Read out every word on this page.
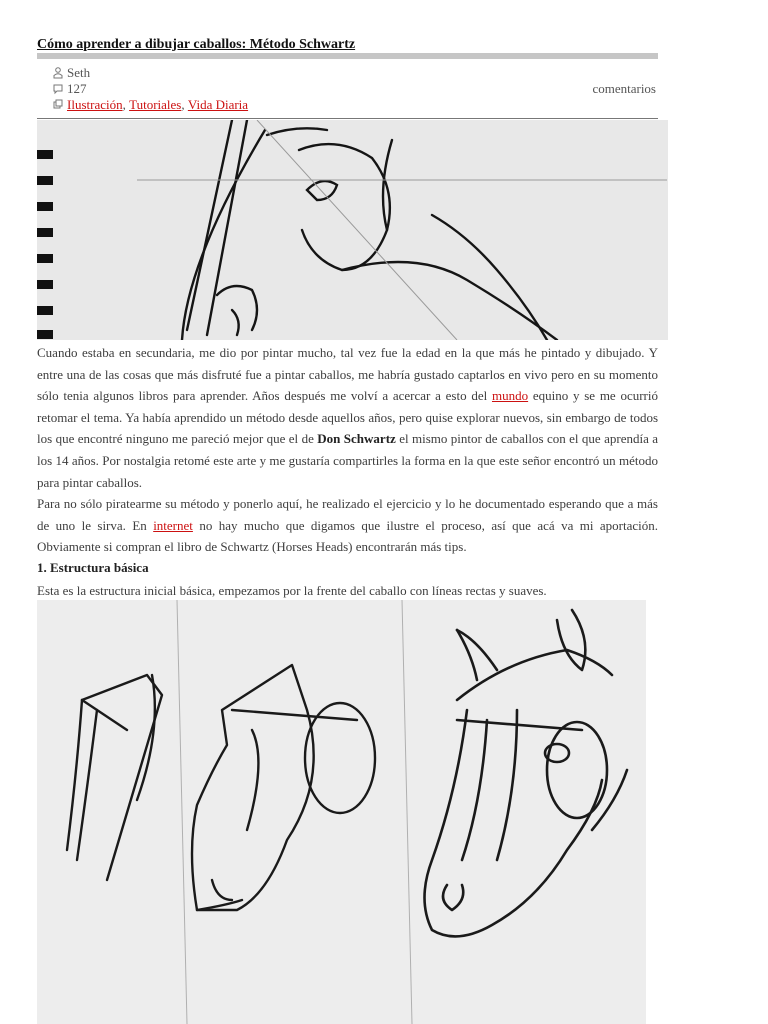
Cómo aprender a dibujar caballos: Método Schwartz
Seth
127
Ilustración , Tutoriales , Vida Diaria
comentarios

Cuando estaba en secundaria, me dio por pintar mucho, tal vez fue la edad en la que más he pintado y dibujado. Y entre una de las cosas que más disfruté fue a pintar caballos, me habría gustado captarlos en vivo pero en su momento sólo tenia algunos libros para aprender. Años después me volví a acercar a esto del mundo equino y se me ocurrió retomar el tema. Ya había aprendido un método desde aquellos años, pero quise explorar nuevos, sin embargo de todos los que encontré ninguno me pareció mejor que el de Don Schwartz el mismo pintor de caballos con el que aprendía a los 14 años. Por nostalgia retomé este arte y me gustaría compartirles la forma en la que este señor encontró un método para pintar caballos.

Para no sólo piratearme su método y ponerlo aquí, he realizado el ejercicio y lo he documentado esperando que a más de uno le sirva. En internet no hay mucho que digamos que ilustre el proceso, así que acá va mi aportación. Obviamente si compran el libro de Schwartz (Horses Heads) encontrarán más tips.

1. Estructura básica

Esta es la estructura inicial básica, empezamos por la frente del caballo con líneas rectas y suaves.
